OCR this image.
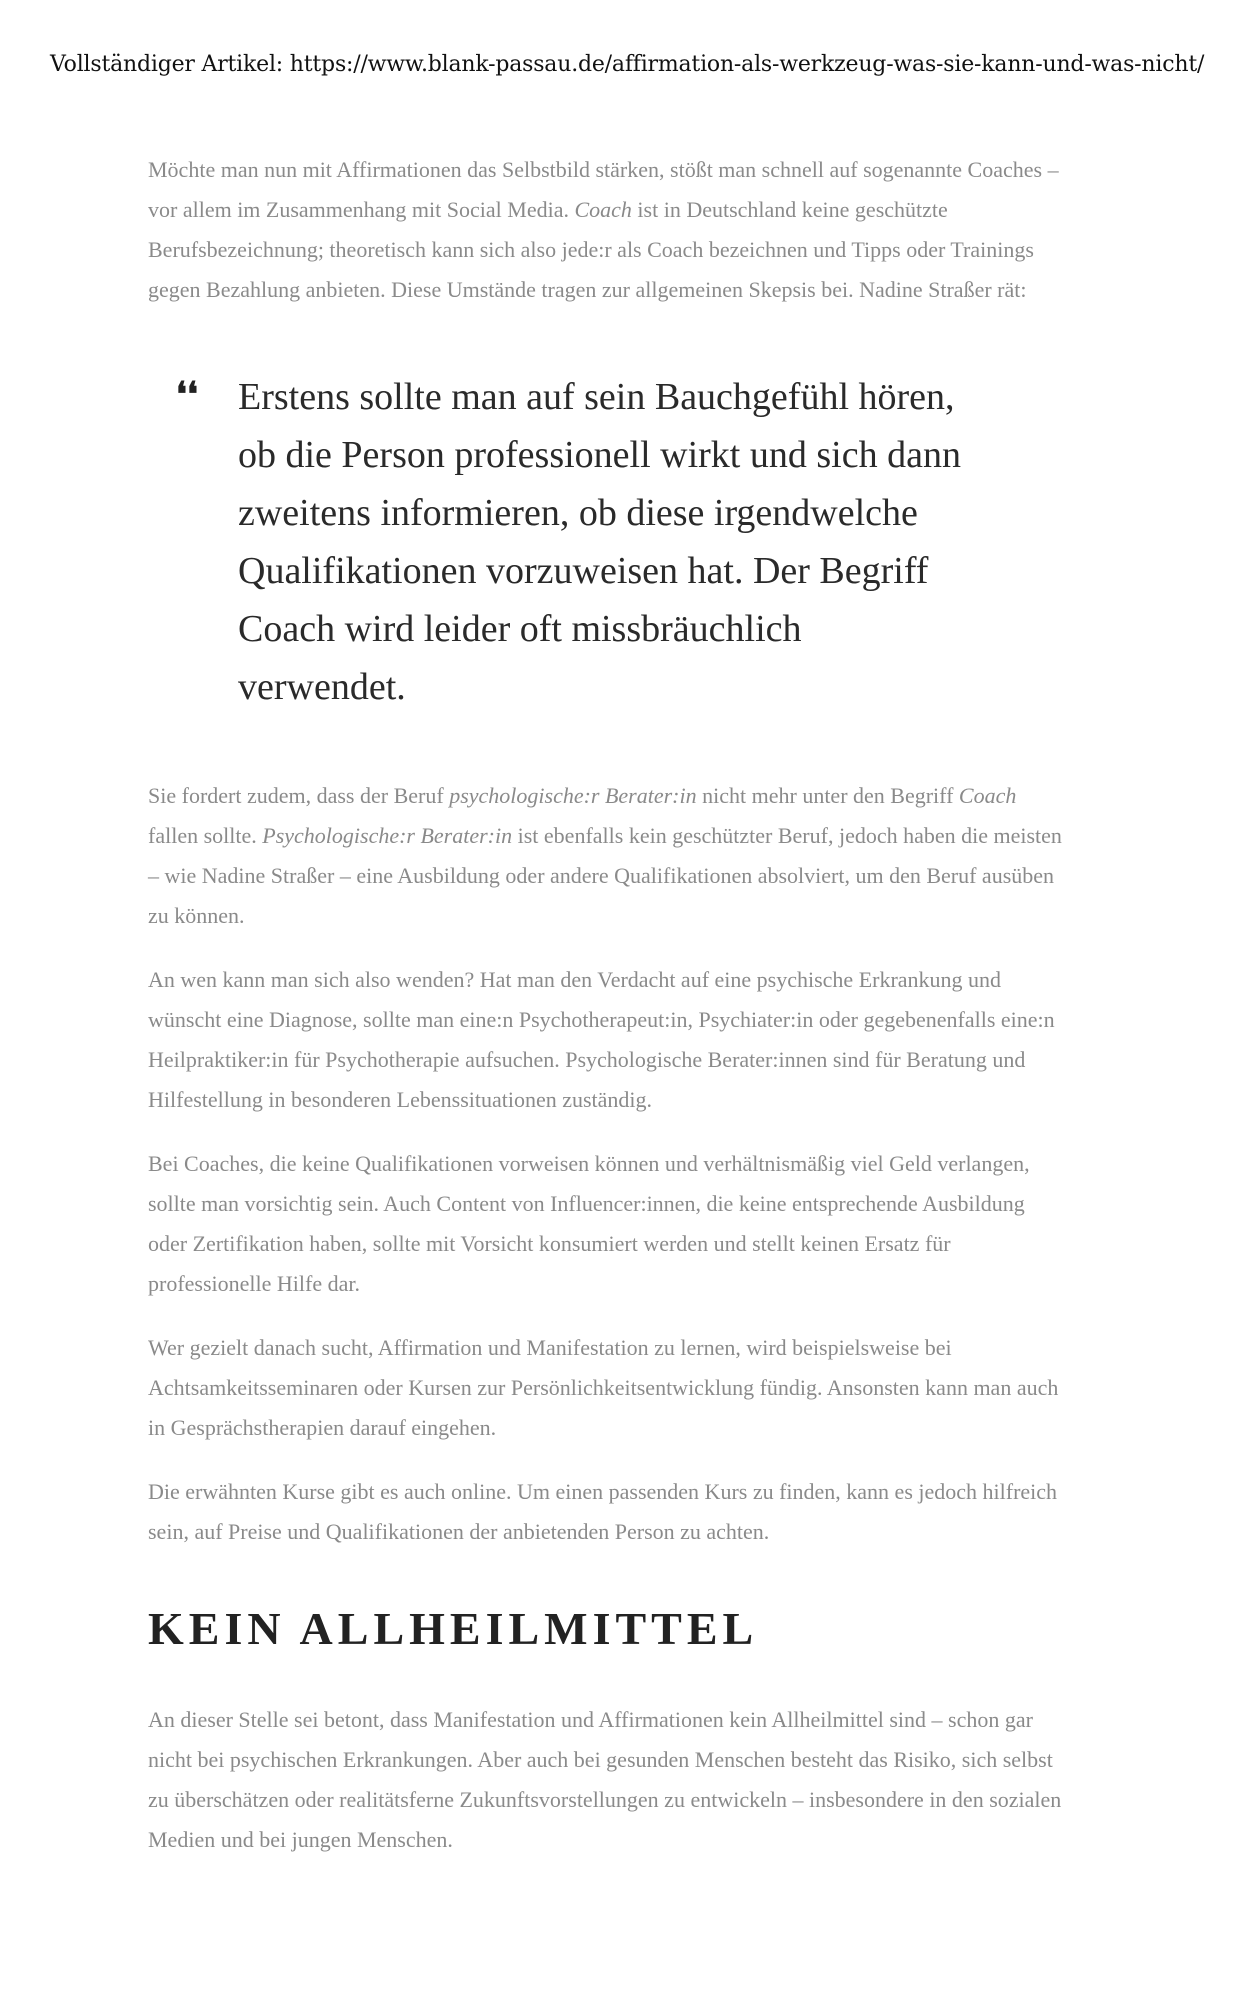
Vollständiger Artikel: https://www.blank-passau.de/affirmation-als-werkzeug-was-sie-kann-und-was-nicht/

Möchte man nun mit Affirmationen das Selbstbild stärken, stößt man schnell auf sogenannte Coaches – vor allem im Zusammenhang mit Social Media. Coach ist in Deutschland keine geschützte Berufsbezeichnung; theoretisch kann sich also jede:r als Coach bezeichnen und Tipps oder Trainings gegen Bezahlung anbieten. Diese Umstände tragen zur allgemeinen Skepsis bei. Nadine Straßer rät:

❛❛ Erstens sollte man auf sein Bauchgefühl hören, ob die Person professionell wirkt und sich dann zweitens informieren, ob diese irgendwelche Qualifikationen vorzuweisen hat. Der Begriff Coach wird leider oft missbräuchlich verwendet.

Sie fordert zudem, dass der Beruf psychologische:r Berater:in nicht mehr unter den Begriff Coach fallen sollte. Psychologische:r Berater:in ist ebenfalls kein geschützter Beruf, jedoch haben die meisten – wie Nadine Straßer – eine Ausbildung oder andere Qualifikationen absolviert, um den Beruf ausüben zu können.

An wen kann man sich also wenden? Hat man den Verdacht auf eine psychische Erkrankung und wünscht eine Diagnose, sollte man eine:n Psychotherapeut:in, Psychiater:in oder gegebenenfalls eine:n Heilpraktiker:in für Psychotherapie aufsuchen. Psychologische Berater:innen sind für Beratung und Hilfestellung in besonderen Lebenssituationen zuständig.

Bei Coaches, die keine Qualifikationen vorweisen können und verhältnismäßig viel Geld verlangen, sollte man vorsichtig sein. Auch Content von Influencer:innen, die keine entsprechende Ausbildung oder Zertifikation haben, sollte mit Vorsicht konsumiert werden und stellt keinen Ersatz für professionelle Hilfe dar.

Wer gezielt danach sucht, Affirmation und Manifestation zu lernen, wird beispielsweise bei Achtsamkeitsseminaren oder Kursen zur Persönlichkeitsentwicklung fündig. Ansonsten kann man auch in Gesprächstherapien darauf eingehen.

Die erwähnten Kurse gibt es auch online. Um einen passenden Kurs zu finden, kann es jedoch hilfreich sein, auf Preise und Qualifikationen der anbietenden Person zu achten.

KEIN ALLHEILMITTEL

An dieser Stelle sei betont, dass Manifestation und Affirmationen kein Allheilmittel sind – schon gar nicht bei psychischen Erkrankungen. Aber auch bei gesunden Menschen besteht das Risiko, sich selbst zu überschätzen oder realitätsferne Zukunftsvorstellungen zu entwickeln – insbesondere in den sozialen Medien und bei jungen Menschen.
